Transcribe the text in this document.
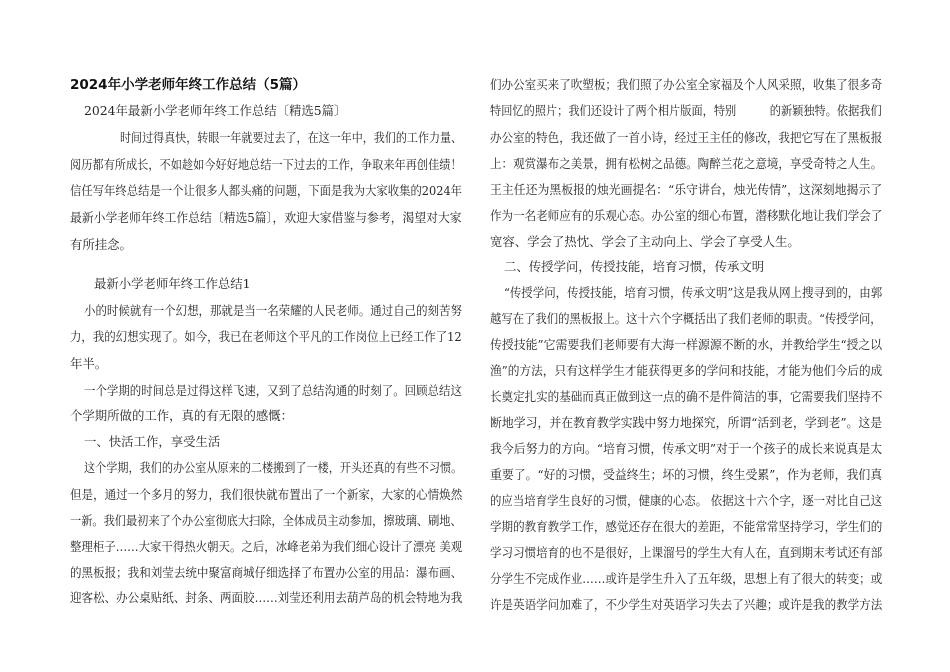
2024年小学老师年终工作总结（5篇）
2024年最新小学老师年终工作总结〔精选5篇〕
时间过得真快，转眼一年就要过去了，在这一年中，我们的工作力量、
阅历都有所成长，不如趁如今好好地总结一下过去的工作，争取来年再创佳绩！
信任写年终总结是一个让很多人都头痛的问题，下面是我为大家收集的2024年
最新小学老师年终工作总结〔精选5篇〕，欢迎大家借鉴与参考，渴望对大家
有所挂念。
最新小学老师年终工作总结1
小的时候就有一个幻想，那就是当一名荣耀的人民老师。通过自己的刻苦努
力，我的幻想实现了。如今，我已在老师这个平凡的工作岗位上已经工作了12
年半。
一个学期的时间总是过得这样飞速，又到了总结沟通的时刻了。回顾总结这
个学期所做的工作，真的有无限的感慨：
一、快活工作，享受生活
这个学期，我们的办公室从原来的二楼搬到了一楼，开头还真的有些不习惯。
但是，通过一个多月的努力，我们很快就布置出了一个新家，大家的心情焕然
一新。我们最初来了个办公室彻底大扫除，全体成员主动参加，擦玻璃、刷地、
整理柜子……大家干得热火朝天。之后，冰峰老弟为我们细心设计了漂亮 美观
的黑板报；我和刘莹去统中聚富商城仔细选择了布置办公室的用品：瀑布画、
迎客松、办公桌贴纸、封条、两面胶……刘莹还利用去葫芦岛的机会特地为我
们办公室买来了吹塑板；我们照了办公室全家福及个人风采照，收集了很多奇
特回忆的照片；我们还设计了两个相片版面，特别　　　的新颖独特。依据我们
办公室的特色，我还做了一首小诗，经过王主任的修改，我把它写在了黑板报
上：观赏瀑布之美景，拥有松树之品德。陶醉兰花之意境，享受奇特之人生。
王主任还为黑板报的烛光画提名：“乐守讲台，烛光传情”，这深刻地揭示了
作为一名老师应有的乐观心态。办公室的细心布置，潜移默化地让我们学会了
宽容、学会了热忱、学会了主动向上、学会了享受人生。
二、传授学问，传授技能，培育习惯，传承文明
“传授学问，传授技能，培育习惯，传承文明”这是我从网上搜寻到的，由郭
越写在了我们的黑板报上。这十六个字概括出了我们老师的职责。“传授学问，
传授技能”它需要我们老师要有大海一样源源不断的水，并教给学生“授之以
渔”的方法，只有这样学生才能获得更多的学问和技能，才能为他们今后的成
长奠定扎实的基础而真正做到这一点的确不是件简洁的事，它需要我们坚持不
断地学习，并在教育教学实践中努力地探究，所谓“活到老，学到老”。这是
我今后努力的方向。“培育习惯，传承文明”对于一个孩子的成长来说真是太
重要了。“好的习惯，受益终生；坏的习惯，终生受累”，作为老师，我们真
的应当培育学生良好的习惯，健康的心态。 依据这十六个字，逐一对比自己这
学期的教育教学工作，感觉还存在很大的差距，不能常常坚持学习，学生们的
学习习惯培育的也不是很好，上课溜号的学生大有人在，直到期末考试还有部
分学生不完成作业……或许是学生升入了五年级，思想上有了很大的转变；或
许是英语学问加难了，不少学生对英语学习失去了兴趣；或许是我的教学方法
